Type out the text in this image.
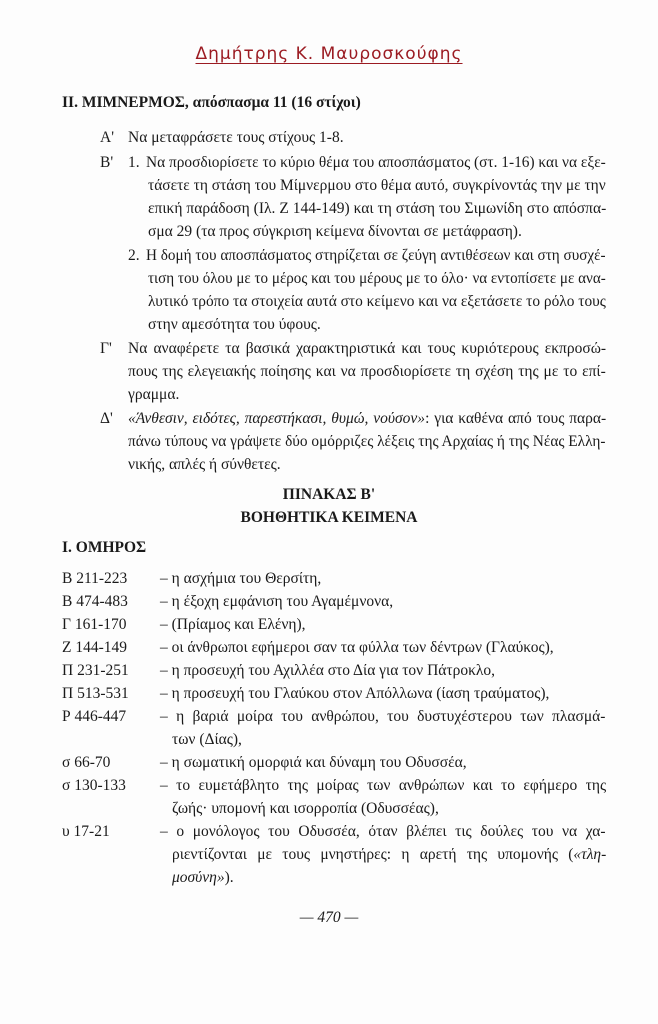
Δημήτρης Κ. Μαυροσκούφης
II. ΜΙΜΝΕΡΜΟΣ, απόσπασμα 11 (16 στίχοι)
Α' Να μεταφράσετε τους στίχους 1-8.
Β' 1. Να προσδιορίσετε το κύριο θέμα του αποσπάσματος (στ. 1-16) και να εξε-
τάσετε τη στάση του Μίμνερμου στο θέμα αυτό, συγκρίνοντάς την με την
επική παράδοση (Ιλ. Ζ 144-149) και τη στάση του Σιμωνίδη στο απόσπα-
σμα 29 (τα προς σύγκριση κείμενα δίνονται σε μετάφραση).
2. Η δομή του αποσπάσματος στηρίζεται σε ζεύγη αντιθέσεων και στη συσχέ-
τιση του όλου με το μέρος και του μέρους με το όλο· να εντοπίσετε με ανα-
λυτικό τρόπο τα στοιχεία αυτά στο κείμενο και να εξετάσετε το ρόλο τους
στην αμεσότητα του ύφους.
Γ' Να αναφέρετε τα βασικά χαρακτηριστικά και τους κυριότερους εκπροσώ-
πους της ελεγειακής ποίησης και να προσδιορίσετε τη σχέση της με το επί-
γραμμα.
Δ' «Άνθεσιν, ειδότες, παρεστήκασι, θυμώ, νούσον»: για καθένα από τους παρα-
πάνω τύπους να γράψετε δύο ομόρριζες λέξεις της Αρχαίας ή της Νέας Ελλη-
νικής, απλές ή σύνθετες.
ΠΙΝΑΚΑΣ Β'
ΒΟΗΘΗΤΙΚΑ ΚΕΙΜΕΝΑ
Ι. ΟΜΗΡΟΣ
Β 211-223 – η ασχήμια του Θερσίτη,
Β 474-483 – η έξοχη εμφάνιση του Αγαμέμνονα,
Γ 161-170 – (Πρίαμος και Ελένη),
Ζ 144-149 – οι άνθρωποι εφήμεροι σαν τα φύλλα των δέντρων (Γλαύκος),
Π 231-251 – η προσευχή του Αχιλλέα στο Δία για τον Πάτροκλο,
Π 513-531 – η προσευχή του Γλαύκου στον Απόλλωνα (ίαση τραύματος),
Ρ 446-447 – η βαριά μοίρα του ανθρώπου, του δυστυχέστερου των πλασμά-
των (Δίας),
σ 66-70	– η σωματική ομορφιά και δύναμη του Οδυσσέα,
σ 130-133 – το ευμετάβλητο της μοίρας των ανθρώπων και το εφήμερο της
ζωής· υπομονή και ισορροπία (Οδυσσέας),
υ 17-21	– ο μονόλογος του Οδυσσέα, όταν βλέπει τις δούλες του να χα-
ριεντίζονται με τους μνηστήρες: η αρετή της υπομονής («τλη-
μοσύνη»).
— 470 —
